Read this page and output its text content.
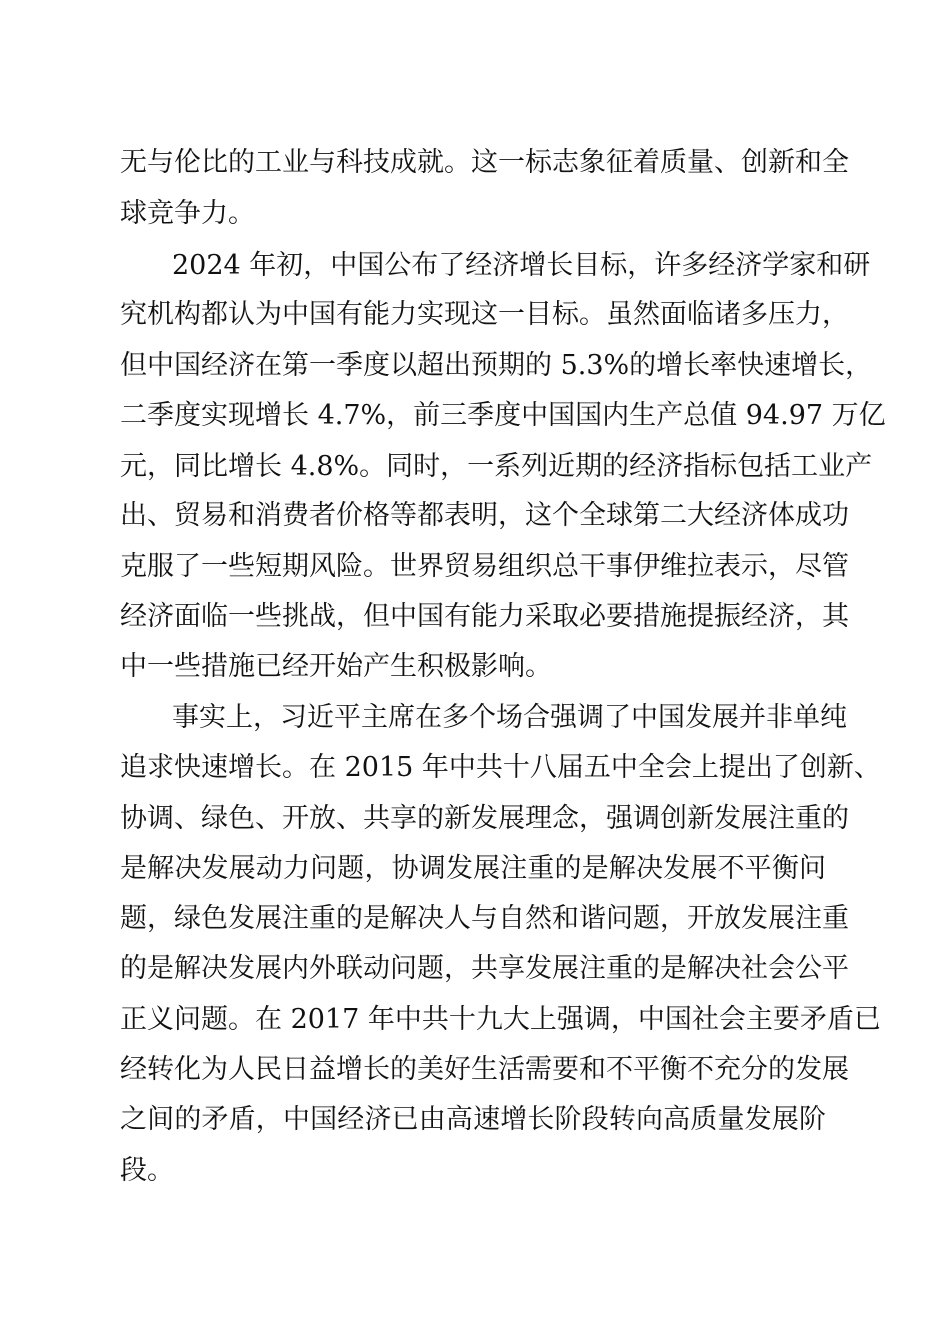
无与伦比的工业与科技成就。这一标志象征着质量、创新和全

球竞争力。

2024 年初，中国公布了经济增长目标，许多经济学家和研

究机构都认为中国有能力实现这一目标。虽然面临诸多压力，

但中国经济在第一季度以超出预期的 5.3%的增长率快速增长，

二季度实现增长 4.7%，前三季度中国国内生产总值 94.97 万亿

元，同比增长 4.8%。同时，一系列近期的经济指标包括工业产

出、贸易和消费者价格等都表明，这个全球第二大经济体成功

克服了一些短期风险。世界贸易组织总干事伊维拉表示，尽管

经济面临一些挑战，但中国有能力采取必要措施提振经济，其

中一些措施已经开始产生积极影响。

事实上，习近平主席在多个场合强调了中国发展并非单纯

追求快速增长。在 2015 年中共十八届五中全会上提出了创新、

协调、绿色、开放、共享的新发展理念，强调创新发展注重的

是解决发展动力问题，协调发展注重的是解决发展不平衡问

题，绿色发展注重的是解决人与自然和谐问题，开放发展注重

的是解决发展内外联动问题，共享发展注重的是解决社会公平

正义问题。在 2017 年中共十九大上强调，中国社会主要矛盾已

经转化为人民日益增长的美好生活需要和不平衡不充分的发展

之间的矛盾，中国经济已由高速增长阶段转向高质量发展阶

段。
